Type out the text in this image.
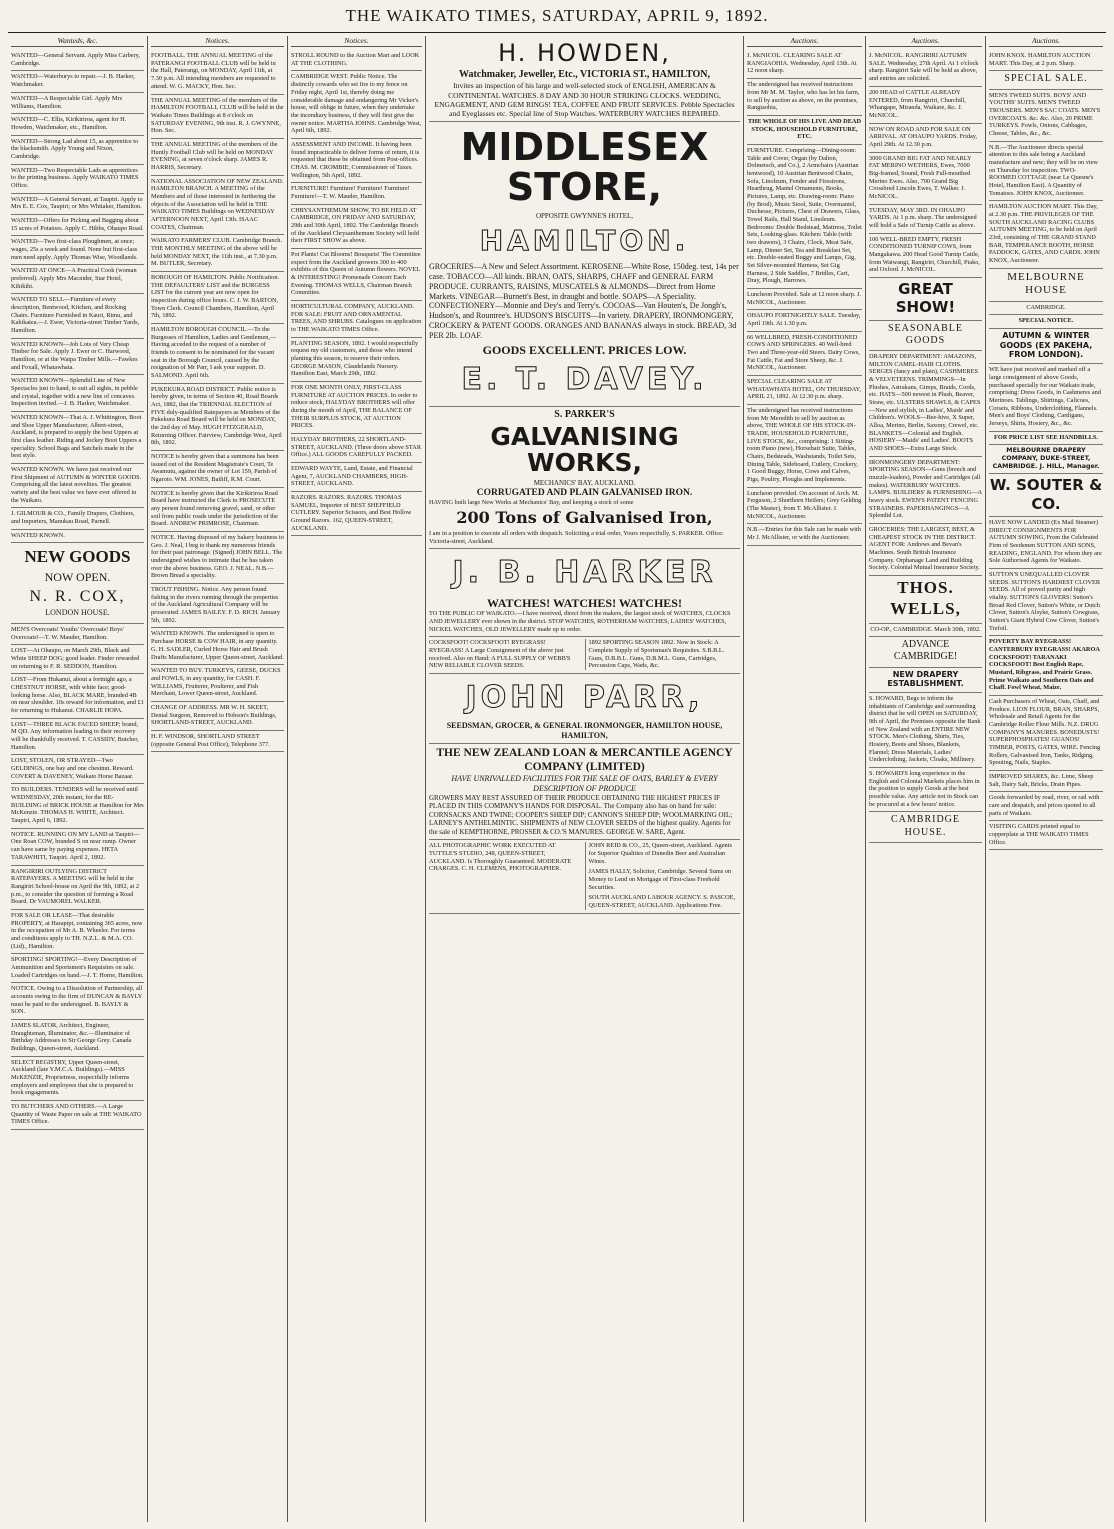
THE WAIKATO TIMES, SATURDAY, APRIL 9, 1892.
Wanteds, &c.

WANTED—General Servant. Apply Miss Carbery, Cambridge.

WANTED—Waterburys to repair.—J. B. Harker, Watchmaker.

WANTED—A Respectable Girl. Apply Mrs Williams, Hamilton.

WANTED—C. Ellis, Kirikiriroa, agent for H. Howden, Watchmaker, etc., Hamilton.

WANTED—Strong Lad about 15, as apprentice to the blacksmith. Apply Young and Nixon, Cambridge.

WANTED—Two Respectable Lads as apprentices to the printing business. Apply WAIKATO TIMES Office.

WANTED—A General Servant, at Taupiri. Apply to Mrs E. E. Cox, Taupiri; or Mrs Whitaker, Hamilton.

WANTED—Offers for Picking and Bagging about 15 acres of Potatoes. Apply C. Hibbs, Ohaupo Road.

WANTED—Two first-class Ploughmen, at once; wages, 25s a week and found. None but first-class men need apply. Apply Thomas Wise, Woodlands.

WANTED AT ONCE—A Practical Cook (woman preferred). Apply Mrs Macnider, Star Hotel, Kihikihi.

WANTED TO SELL—Furniture of every description, Bentwood, Kitchen, and Rocking Chairs. Furniture Furnished in Kauri, Rimu, and Kahikatea.—J. Ewer, Victoria-street Timber Yards, Hamilton.

WANTED KNOWN—Job Lots of Very Cheap Timber for Sale. Apply J. Ewer or C. Harwood, Hamilton, or at the Waipa Timber Mills.—Fawkes and Foxall, Whatawhata.

WANTED KNOWN—Splendid Line of New Spectacles just to hand, to suit all sights, in pebble and crystal, together with a new line of concaves. Inspection invited.—J. B. Harker, Watchmaker.

WANTED KNOWN—That A. J. Whittington, Boot and Shoe Upper Manufacturer, Albert-street, Auckland, is prepared to supply the best Uppers at first class leather. Riding and Jockey Boot Uppers a speciality. School Bags and Satchels made in the best style.

WANTED KNOWN. We have just received our First Shipment of AUTUMN & WINTER GOODS. Comprising all the latest novelties. The greatest variety and the best value we have ever offered in the Waikato.

J. GILMOUR & CO., Family Drapers, Clothiers, and Importers, Manukau Road, Parnell.

WANTED KNOWN.

NEW GOODS
NOW OPEN.
N. R. COX,
LONDON HOUSE.

MEN'S Overcoats! Youths' Overcoats! Boys' Overcoats!—T. W. Mauder, Hamilton.

LOST—At Ohaupo, on March 29th, Black and White SHEEP DOG; good leader. Finder rewarded on returning to F. R. SEDDON, Hamilton.

LOST—From Hukanui, about a fortnight ago, a CHESTNUT HORSE, with white face; good-looking horse. Also, BLACK MARE, branded 4B on near shoulder. 10s reward for information, and £1 for returning to Hukanui. CHARLIE HOPA.

LOST—THREE BLACK FACED SHEEP; brand, M QD. Any information leading to their recovery will be thankfully received. T. CASSIDY, Butcher, Hamilton.

LOST, STOLEN, OR STRAYED—Two GELDINGS, one bay and one chestnut. Reward. COVERT & DAVENEY, Waikato Horse Bazaar.

TO BUILDERS. TENDERS will be received until WEDNESDAY, 20th instant, for the RE-BUILDING of BRICK HOUSE at Hamilton for Mrs McKenzie. THOMAS H. WHITE, Architect. Taupiri, April 6, 1892.

NOTICE. RUNNING ON MY LAND at Taupiri—One Roan COW, branded S on near rump. Owner can have same by paying expenses. HETA TARAWHITI, Taupiri. April 2, 1892.

RANGIRIRI OUTLYING DISTRICT RATEPAYERS. A MEETING will be held in the Rangiriri School-house on April the 9th, 1892, at 2 p.m., to consider the question of forming a Road Board. Dr VAUMOREL WALKER.

FOR SALE OR LEASE—That desirable PROPERTY, at Harapipi, containing 365 acres, now in the occupation of Mr A. B. Wheeler. For terms and conditions apply to TH. N.Z.L. & M.A. CO. (Ltd)., Hamilton.

SPORTING! SPORTING!—Every Description of Ammunition and Sportsmen's Requisites on sale. Loaded Cartridges on hand.—J. T. Horne, Hamilton.

NOTICE. Owing to a Dissolution of Partnership, all accounts owing to the firm of DUNCAN & BAYLY must be paid to the undersigned. B. BAYLY & SON.

JAMES SLATOR, Architect, Engineer, Draughtsman, Illuminator, &c.—Illuminator of Birthday Addresses to Sir George Grey. Canada Buildings, Queen-street, Auckland.

SELECT REGISTRY, Upper Queen-street, Auckland (late Y.M.C.A. Buildings).—MISS McKENZIE, Proprietress, respectfully informs employers and employees that she is prepared to book engagements.

TO BUTCHERS AND OTHERS.—A Large Quantity of Waste Paper on sale at THE WAIKATO TIMES Office.

Notices.

FOOTBALL. THE ANNUAL MEETING of the PATERANGI FOOTBALL CLUB will be held in the Hall, Paterangi, on MONDAY, April 11th, at 7.30 p.m. All intending members are requested to attend. W. G. MACKY, Hon. Sec.

THE ANNUAL MEETING of the members of the HAMILTON FOOTBALL CLUB will be held in the Waikato Times Buildings at 8 o'clock on SATURDAY EVENING, 9th inst. R. J. GWYNNE, Hon. Sec.

THE ANNUAL MEETING of the members of the Huntly Football Club will be held on MONDAY EVENING, at seven o'clock sharp. JAMES R. HARRIS, Secretary.

NATIONAL ASSOCIATION OF NEW ZEALAND. HAMILTON BRANCH. A MEETING of the Members and of those interested in furthering the objects of the Association will be held in THE WAIKATO TIMES Buildings on WEDNESDAY AFTERNOON NEXT, April 13th. ISAAC COATES, Chairman.

WAIKATO FARMERS' CLUB. Cambridge Branch. THE MONTHLY MEETING of the above will be held MONDAY NEXT, the 11th inst., at 7.30 p.m. M. BUTLER, Secretary.

BOROUGH OF HAMILTON. Public Notification. THE DEFAULTERS' LIST and the BURGESS LIST for the current year are now open for inspection during office hours. C. J. W. BARTON, Town Clerk. Council Chambers, Hamilton, April 7th, 1892.

HAMILTON BOROUGH COUNCIL.—To the Burgesses of Hamilton, Ladies and Gentlemen,—Having acceded to the request of a number of friends to consent to be nominated for the vacant seat in the Borough Council, caused by the resignation of Mr Parr, I ask your support. D. SALMOND. April 6th.

PUKEKURA ROAD DISTRICT. Public notice is hereby given, in terms of Section 40, Road Boards Act, 1882, that the TRIENNIAL ELECTION of FIVE duly-qualified Ratepayers as Members of the Pukekura Road Board will be held on MONDAY, the 2nd day of May. HUGH FITZGERALD, Returning Officer. Fairview, Cambridge West, April 8th, 1892.

NOTICE is hereby given that a summons has been issued out of the Resident Magistrate's Court, Te Awamutu, against the owner of Lot 159, Parish of Ngaroto. WM. JONES, Bailiff, R.M. Court.

NOTICE is hereby given that the Kirikiriroa Road Board have instructed the Clerk to PROSECUTE any person found removing gravel, sand, or other soil from public roads under the jurisdiction of the Board. ANDREW PRIMROSE, Chairman.

NOTICE. Having disposed of my bakery business to Geo. J. Neal, I beg to thank my numerous friends for their past patronage. (Signed) JOHN BELL. The undersigned wishes to intimate that he has taken over the above business. GEO. J. NEAL. N.B.—Brown Bread a speciality.

TROUT FISHING. Notice. Any person found fishing in the rivers running through the properties of the Auckland Agricultural Company will be prosecuted. JAMES BAILEY. F. D. RICH. January 5th, 1892.

WANTED KNOWN. The undersigned is open to Purchase HORSE & COW HAIR, in any quantity. G. H. SADLER, Curled Horse Hair and Brush Drafts Manufacturer, Upper Queen-street, Auckland.

WANTED TO BUY. TURKEYS, GEESE, DUCKS and FOWLS, in any quantity, for CASH. F. WILLIAMS, Fruiterer, Poulterer, and Fish Merchant, Lower Queen-street, Auckland.

CHANGE OF ADDRESS. MR W. H. SKEET, Dental Surgeon, Removed to Hobson's Buildings, SHORTLAND-STREET, AUCKLAND.

H. F. WINDSOR, SHORTLAND STREET (opposite General Post Office), Telephone 377.

Notices.

STROLL ROUND to the Auction Mart and LOOK AT THE CLOTHING.

CAMBRIDGE WEST. Public Notice. The distinctly cowards who set fire to my fence on Friday night, April 1st, thereby doing me considerable damage and endangering Mr Vicker's house, will oblige in future, when they undertake the incendiary business, if they will first give the owner notice. MARTHA JOHNS. Cambridge West, April 6th, 1892.

ASSESSMENT AND INCOME. It having been found impracticable to deliver forms of return, it is requested that these be obtained from Post-offices. CHAS. M. CROMBIE, Commissioner of Taxes. Wellington, 5th April, 1892.

FURNITURE! Furniture! Furniture! Furniture! Furniture!—T. W. Mauder, Hamilton.

CHRYSANTHEMUM SHOW, TO BE HELD AT CAMBRIDGE, ON FRIDAY AND SATURDAY, 29th and 30th April, 1892. The Cambridge Branch of the Auckland Chrysanthemum Society will hold their FIRST SHOW as above.

Pot Plants! Cut Blooms! Bouquets! The Committee expect from the Auckland growers 300 to 400 exhibits of this Queen of Autumn flowers. NOVEL & INTERESTING! Promenade Concert Each Evening. THOMAS WELLS, Chairman Branch Committee.

HORTICULTURAL COMPANY, AUCKLAND. FOR SALE: FRUIT AND ORNAMENTAL TREES, AND SHRUBS. Catalogues on application to THE WAIKATO TIMES Office.

PLANTING SEASON, 1892. I would respectfully request my old customers, and those who intend planting this season, to reserve their orders. GEORGE MASON, Claudelands Nursery. Hamilton East, March 29th, 1892.

FOR ONE MONTH ONLY, FIRST-CLASS FURNITURE AT AUCTION PRICES. In order to reduce stock, HALYDAY BROTHERS will offer during the month of April, THE BALANCE OF THEIR SURPLUS STOCK, AT AUCTION PRICES.

HALYDAY BROTHERS, 22 SHORTLAND-STREET, AUCKLAND. (Three doors above STAR Office.) ALL GOODS CAREFULLY PACKED.

EDWARD WAYTE, Land, Estate, and Financial Agent, 7, AUCKLAND CHAMBERS, HIGH-STREET, AUCKLAND.

RAZORS. RAZORS. RAZORS. THOMAS SAMUEL, Importer of BEST SHEFFIELD CUTLERY. Superior Scissors, and Best Hollow Ground Razors. 162, QUEEN-STREET, AUCKLAND.

H. HOWDEN,
Watchmaker, Jeweller, Etc., VICTORIA ST., HAMILTON,

Invites an inspection of his large and well-selected stock of ENGLISH, AMERICAN & CONTINENTAL WATCHES. 8 DAY AND 30 HOUR STRIKING CLOCKS. WEDDING, ENGAGEMENT, AND GEM RINGS! TEA, COFFEE AND FRUIT SERVICES. Pebble Spectacles and Eyeglasses etc. Special line of Stop Watches. WATERBURY WATCHES REPAIRED.

MIDDLESEX STORE,
OPPOSITE GWYNNE'S HOTEL,
HAMILTON.

GROCERIES—A New and Select Assortment. KEROSENE—White Rose, 150deg. test, 14s per case. TOBACCO—All kinds. BRAN, OATS, SHARPS, CHAFF and GENERAL FARM PRODUCE. CURRANTS, RAISINS, MUSCATELS & ALMONDS—Direct from Home Markets. VINEGAR—Burnett's Best, in draught and bottle. SOAPS—A Speciality. CONFECTIONERY—Monnie and Dey's and Terry's. COCOAS—Van Houten's, De Jongh's, Hudson's, and Rountree's. HUDSON'S BISCUITS—In variety. DRAPERY, IRONMONGERY, CROCKERY & PATENT GOODS. ORANGES AND BANANAS always in stock. BREAD, 3d PER 2lb. LOAF.

GOODS EXCELLENT. PRICES LOW.
E. T. DAVEY.
S. PARKER'S
GALVANISING WORKS,
MECHANICS' BAY, AUCKLAND.
CORRUGATED AND PLAIN GALVANISED IRON.

HAVING built large New Works at Mechanics' Bay, and keeping a stock of some

200 Tons of Galvanised Iron,

I am in a position to execute all orders with despatch. Soliciting a trial order, Yours respectfully, S. PARKER. Office: Victoria-street, Auckland.

J. B. HARKER
WATCHES! WATCHES! WATCHES!

TO THE PUBLIC OF WAIKATO.—I have received, direct from the makers, the largest stock of WATCHES, CLOCKS AND JEWELLERY ever shown in the district. STOP WATCHES, ROTHERHAM WATCHES, LADIES' WATCHES, NICKEL WATCHES, OLD JEWELLERY made up to order.

COCKSFOOT! COCKSFOOT! RYEGRASS! RYEGRASS! A Large Consignment of the above just received. Also on Hand: A FULL SUPPLY OF WEBB'S NEW RELIABLE CLOVER SEEDS.

1892 SPORTING SEASON 1892. Now in Stock: A Complete Supply of Sportsman's Requisites. S.B.B.L. Guns, D.B.B.L. Guns, D.B.M.L. Guns, Cartridges, Percussion Caps, Wads, &c.

JOHN PARR,
SEEDSMAN, GROCER, & GENERAL IRONMONGER, HAMILTON HOUSE, HAMILTON,
THE NEW ZEALAND LOAN & MERCANTILE AGENCY COMPANY (LIMITED)
HAVE UNRIVALLED FACILITIES FOR THE SALE OF OATS, BARLEY & EVERY DESCRIPTION OF PRODUCE

GROWERS MAY REST ASSURED OF THEIR PRODUCE OBTAINING THE HIGHEST PRICES IF PLACED IN THIS COMPANY'S HANDS FOR DISPOSAL. The Company also has on hand for sale: CORNSACKS AND TWINE; COOPER'S SHEEP DIP; CANNON'S SHEEP DIP; WOOLMARKING OIL; LARNEY'S ANTHELMINTIC. SHIPMENTS of NEW CLOVER SEEDS of the highest quality. Agents for the sale of KEMPTHORNE, PROSSER & CO.'S MANURES. GEORGE W. SARE, Agent.

ALL PHOTOGRAPHIC WORK EXECUTED AT TUTTLE'S STUDIO, 248, QUEEN-STREET, AUCKLAND. Is Thoroughly Guaranteed. MODERATE CHARGES. C. H. CLEMENS, PHOTOGRAPHER.

JOHN REID & CO., 25, Queen-street, Auckland. Agents for Superior Qualities of Dunedin Beer and Australian Wines.

JAMES HALLY, Solicitor, Cambridge. Several Sums on Money to Lend on Mortgage of First-class Freehold Securities.

SOUTH AUCKLAND LABOUR AGENCY. S. PASCOE, QUEEN-STREET, AUCKLAND. Applications Free.

Auctions.

J. McNICOL. CLEARING SALE AT RANGIAOHIA. Wednesday, April 13th. At 12 noon sharp.

The undersigned has received instructions from Mr M. M. Taylor, who has let his farm, to sell by auction as above, on the premises, Rangiaohia,

THE WHOLE OF HIS LIVE AND DEAD STOCK, HOUSEHOLD FURNITURE, ETC.

FURNITURE. Comprising—Dining-room: Table and Cover, Organ (by Dalton, Dolmetsch, and Co.), 2 Armchairs (Austrian bentwood), 10 Austrian Bentwood Chairs, Sofa, Linoleum, Fender and Firesirons, Hearthrug, Mantel Ornaments, Books, Pictures, Lamp, etc. Drawing-room: Piano (by Brod), Music Stool, Suite, Overmantel, Duchesse, Pictures, Chest of Drawers, Glass, Towel Rails, Hall Stand, Linoleum. Bedrooms: Double Bedstead, Mattress, Toilet Sets, Looking-glass. Kitchen: Table (with two drawers), 3 Chairs, Clock, Meat Safe, Lamp, Dinner Set, Tea and Breakfast Set, etc. Double-seated Buggy and Lamps, Gig, Set Silver-mounted Harness, Set Gig Harness, 2 Side Saddles, 7 Bridles, Cart, Dray, Plough, Harrows.

Luncheon Provided. Sale at 12 noon sharp. J. McNICOL, Auctioneer.

OHAUPO FORTNIGHTLY SALE. Tuesday, April 19th. At 1.30 p.m.

66 WELLBRED, FRESH-CONDITIONED COWS AND SPRINGERS. 40 Well-bred Two and Three-year-old Steers. Dairy Cows, Fat Cattle, Fat and Store Sheep, &c. J. McNICOL, Auctioneer.

SPECIAL CLEARING SALE AT WHATAWHATA HOTEL, ON THURSDAY, APRIL 21, 1892. At 12.30 p.m. sharp.

The undersigned has received instructions from Mr Meredith to sell by auction as above, THE WHOLE OF HIS STOCK-IN-TRADE, HOUSEHOLD FURNITURE, LIVE STOCK, &c., comprising: 1 Sitting-room Piano (new), Horsehair Suite, Tables, Chairs, Bedsteads, Washstands, Toilet Sets, Dining Table, Sideboard, Cutlery, Crockery, 1 Good Buggy, Horse, Cows and Calves, Pigs, Poultry, Ploughs and Implements.

Luncheon provided. On account of Arch. M. Ferguson, 2 Shorthorn Heifers; Grey Gelding (The Master), from T. McAllister. J. McNICOL, Auctioneer.

N.B.—Entries for this Sale can be made with Mr J. McAllister, or with the Auctioneer.

Auctions.

J. McNICOL. RANGIRIRI AUTUMN SALE. Wednesday, 27th April. At 1 o'clock sharp. Rangiriri Sale will be held as above, and entries are solicited.

200 HEAD of CATTLE ALREADY ENTERED, from Rangiriri, Churchill, Whangape, Miranda, Waikare, &c. J. McNICOL.

NOW ON ROAD AND FOR SALE ON ARRIVAL. AT OHAUPO YARDS. Friday, April 29th. At 12.30 p.m.

3000 GRAND BIG FAT AND NEARLY FAT MERINO WETHERS, Ewes, 7000 Big-framed, Sound, Fresh Full-mouthed Merino Ewes. Also, 700 Grand Big Crossbred Lincoln Ewes, T. Walker. J. McNICOL.

TUESDAY, MAY 3RD. IN OHAUPO YARDS. At 1 p.m. sharp. The undersigned will hold a Sale of Turnip Cattle as above.

100 WELL-BRED EMPTY, FRESH CONDITIONED TURNIP COWS, from Mangakawa. 200 Head Good Turnip Cattle, from Waiwangi, Rangiriri, Churchill, Piako, and Oxford. J. McNICOL.

GREAT SHOW!

SEASONABLE GOODS

DRAPERY DEPARTMENT: AMAZONS, MILTON CAMEL-HAIR CLOTHS. SERGES (fancy and plain), CASHMERES & VELVETEENS. TRIMMINGS—In Plushes, Astrakans, Gimps, Braids, Cords, etc. HATS—500 newest in Plush, Beaver, Straw, etc. ULSTERS SHAWLS, & CAPES—New and stylish, in Ladies', Maids' and Children's. WOOLS—Bee-hive, X Super, Alloa, Merino, Berlin, Saxony, Crewel, etc. BLANKETS—Colonial and English. HOSIERY—Maids' and Ladies'. BOOTS AND SHOES—Extra Large Stock.

IRONMONGERY DEPARTMENT: SPORTING SEASON—Guns (breech and muzzle-loaders), Powder and Cartridges (all makes). WATERBURY WATCHES. LAMPS. BUILDERS' & FURNISHING—A heavy stock. EWEN'S PATENT FENCING STRAINERS. PAPERHANGINGS—A Splendid Lot.

GROCERIES: THE LARGEST, BEST, & CHEAPEST STOCK IN THE DISTRICT. AGENT FOR: Andrews and Bevan's Machines. South British Insurance Company. Orphanage Land and Building Society. Colonial Mutual Insurance Society.

THOS. WELLS,

CO-OP., CAMBRIDGE. March 30th, 1892.

ADVANCE CAMBRIDGE!

NEW DRAPERY ESTABLISHMENT.

S. HOWARD, Begs to inform the inhabitants of Cambridge and surrounding district that he will OPEN on SATURDAY, 9th of April, the Premises opposite the Bank of New Zealand with an ENTIRE NEW STOCK. Men's Clothing, Shirts, Ties, Hosiery, Boots and Shoes, Blankets, Flannel; Dress Materials, Ladies' Underclothing, Jackets, Cloaks, Millinery.

S. HOWARD'S long experience in the English and Colonial Markets places him in the position to supply Goods at the best possible value. Any article not in Stock can be procured at a few hours' notice.

CAMBRIDGE HOUSE.

Auctions.

JOHN KNOX. HAMILTON AUCTION MART. This Day, at 2 p.m. Sharp.

SPECIAL SALE.

MEN'S TWEED SUITS. BOYS' AND YOUTHS' SUITS. MEN'S TWEED TROUSERS. MEN'S SAC COATS. MEN'S OVERCOATS. &c. &c. Also, 20 PRIME TURKEYS. Fowls, Onions, Cabbages, Cheese, Tables, &c., &c.

N.B.—The Auctioneer directs special attention to this sale being a Auckland manufacture and new; they will be on view on Thursday for inspection. TWO-ROOMED COTTAGE (near Le Quesne's Hotel, Hamilton East). A Quantity of Tomatoes. JOHN KNOX, Auctioneer.

HAMILTON AUCTION MART. This Day, at 2.30 p.m. THE PRIVILEGES OF THE SOUTH AUCKLAND RACING CLUBS AUTUMN MEETING, to be held on April 23rd, consisting of THE GRAND STAND BAR, TEMPERANCE BOOTH, HORSE PADDOCK, GATES, AND CARDS. JOHN KNOX, Auctioneer.

MELBOURNE HOUSE

CAMBRIDGE.

SPECIAL NOTICE.

AUTUMN & WINTER GOODS (EX PAKEHA, FROM LONDON).

WE have just received and marked off a large consignment of above Goods, purchased specially for our Waikato trade, comprising: Dress Goods, in Cashmeres and Merinoes. Tablings, Shirtings, Calicoes, Corsets, Ribbons, Underclothing, Flannels. Men's and Boys' Clothing, Cardigans, Jerseys, Shirts, Hosiery, &c., &c.

FOR PRICE LIST SEE HANDBILLS.

MELBOURNE DRAPERY COMPANY, DUKE-STREET, CAMBRIDGE. J. HILL, Manager.

W. SOUTER & CO.

HAVE NOW LANDED (Ex Mail Steamer) DIRECT CONSIGNMENTS FOR AUTUMN SOWING, From the Celebrated Firm of Seedsmen SUTTON AND SONS, READING, ENGLAND. For whom they are Sole Authorised Agents for Waikato.

SUTTON'S UNEQUALLED CLOVER SEEDS. SUTTON'S HARDIEST CLOVER SEEDS. All of proved purity and high vitality. SUTTON'S GLOVERS: Sutton's Broad Red Clover, Sutton's White, or Dutch Clover, Sutton's Alsyke, Sutton's Cowgrass, Sutton's Giant Hybrid Cow Clover, Sutton's Trefoil.

POVERTY BAY RYEGRASS! CANTERBURY RYEGRASS! AKAROA COCKSFOOT! TARANAKI COCKSFOOT! Best English Rape, Mustard, Ribgrass, and Prairie Grass. Prime Waikato and Southern Oats and Chaff. Fowl Wheat, Maize.

Cash Purchasers of Wheat, Oats, Chaff, and Produce. LION FLOUR, BRAN, SHARPS, Wholesale and Retail Agents for the Cambridge Roller Flour Mills. N.Z. DRUG COMPANY'S MANURES. BONEDUSTS! SUPERPHOSPHATES! GUANOS! TIMBER, POSTS, GATES, WIRE. Fencing Rollers, Galvanised Iron, Tanks, Ridging, Spouting, Nails, Staples.

IMPROVED SHARES, &c. Lime, Sheep Salt, Dairy Salt, Bricks, Drain Pipes.

Goods forwarded by road, river, or rail with care and despatch, and prices quoted to all parts of Waikato.

VISITING CARDS printed equal to copperplate at THE WAIKATO TIMES Office.
